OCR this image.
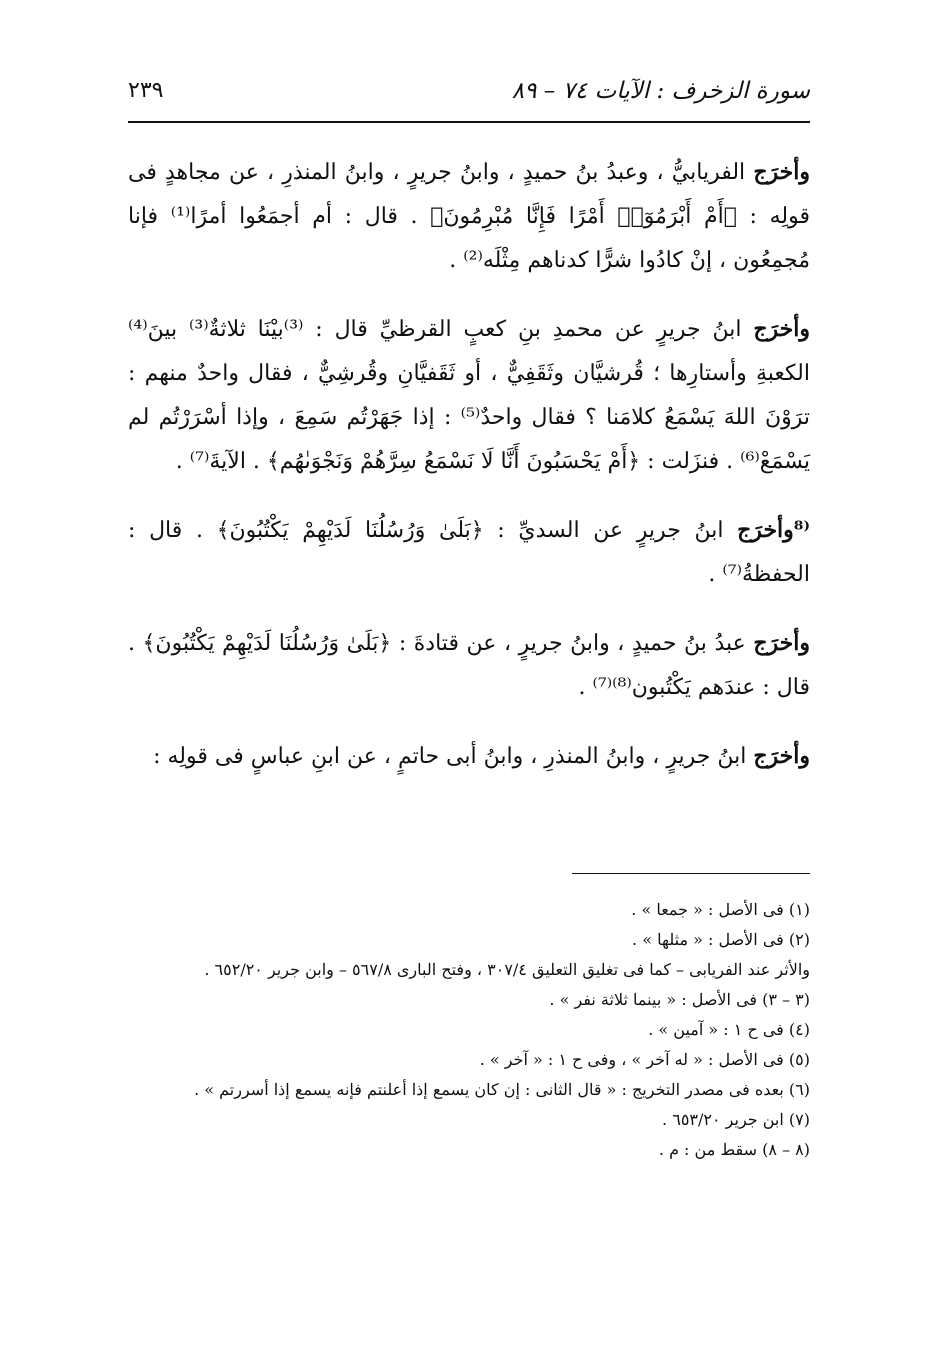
سورة الزخرف : الآيات ٧٤ – ٨٩
٢٣٩

وأخرَج الفريابيُّ ، وعبدُ بنُ حميدٍ ، وابنُ جريرٍ ، وابنُ المنذرِ ، عن مجاهدٍ فى قولِه : ﴿أَمْ أَبْرَمُوٓا۟ أَمْرًا فَإِنَّا مُبْرِمُونَ﴾ . قال : أم أجمَعُوا أمرًا⁽¹⁾ فإنا مُجمِعُون ، إنْ كادُوا شرًّا كدناهم مِثْلَه⁽²⁾ .

وأخرَج ابنُ جريرٍ عن محمدِ بنِ كعبٍ القرظيِّ قال : ⁽³⁾بيْنَا ثلاثةٌ⁽³⁾ بينَ⁽⁴⁾ الكعبةِ وأستارِها ؛ قُرشيَّان وثَقَفِيٌّ ، أو ثَقَفيَّانِ وقُرشِيٌّ ، فقال واحدٌ منهم : ترَوْنَ اللهَ يَسْمَعُ كلامَنا ؟ فقال واحدٌ⁽⁵⁾ : إذا جَهَرْتُم سَمِعَ ، وإذا أسْرَرْتُم لم يَسْمَعْ⁽⁶⁾ . فنزَلت : ﴿أَمْ يَحْسَبُونَ أَنَّا لَا نَسْمَعُ سِرَّهُمْ وَنَجْوَىٰهُم﴾ . الآيةَ⁽⁷⁾ .

⁽⁸وأخرَج ابنُ جريرٍ عن السديِّ : ﴿بَلَىٰ وَرُسُلُنَا لَدَيْهِمْ يَكْتُبُونَ﴾ . قال : الحفظةُ⁽⁷⁾ .

وأخرَج عبدُ بنُ حميدٍ ، وابنُ جريرٍ ، عن قتادةَ : ﴿بَلَىٰ وَرُسُلُنَا لَدَيْهِمْ يَكْتُبُونَ﴾ . قال : عندَهم يَكْتُبون⁽⁸⁾⁽⁷⁾ .

وأخرَج ابنُ جريرٍ ، وابنُ المنذرِ ، وابنُ أبى حاتمٍ ، عن ابنِ عباسٍ فى قولِه :

(١) فى الأصل : « جمعا » .
(٢) فى الأصل : « مثلها » .
والأثر عند الفريابى – كما فى تغليق التعليق ٣٠٧/٤ ، وفتح البارى ٥٦٧/٨ – وابن جرير ٦٥٢/٢٠ .
(٣ – ٣) فى الأصل : « بينما ثلاثة نفر » .
(٤) فى ح ١ : « آمين » .
(٥) فى الأصل : « له آخر » ، وفى ح ١ : « آخر » .
(٦) بعده فى مصدر التخريج : « قال الثانى : إن كان يسمع إذا أعلنتم فإنه يسمع إذا أسررتم » .
(٧) ابن جرير ٦٥٣/٢٠ .
(٨ – ٨) سقط من : م .
